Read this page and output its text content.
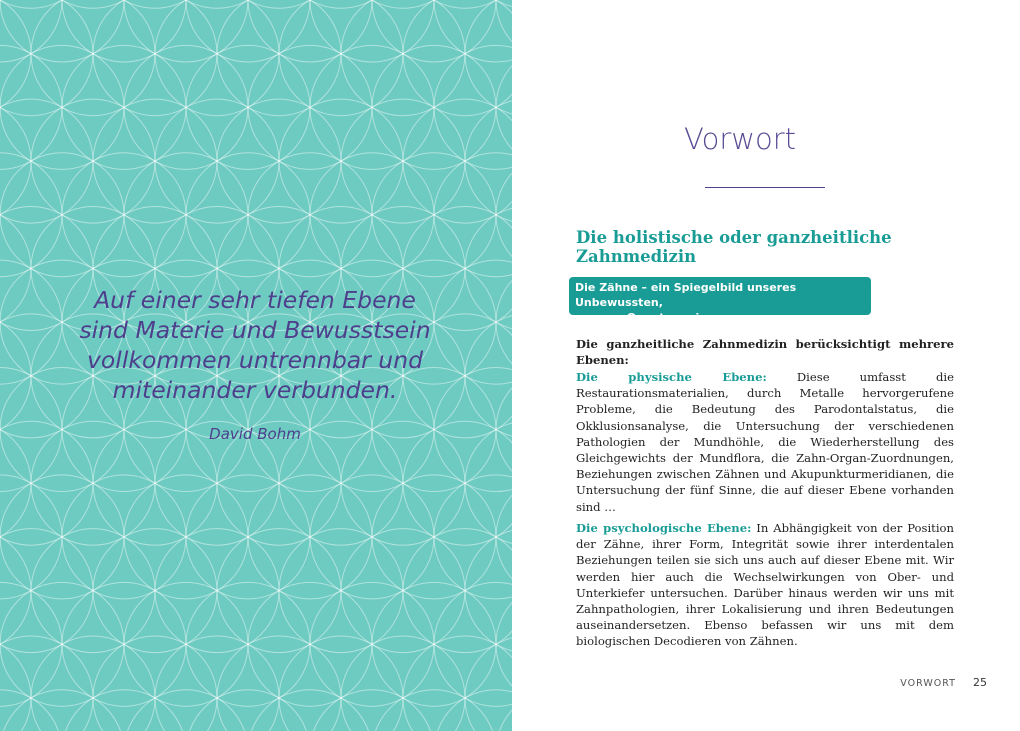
Auf einer sehr tiefen Ebene
sind Materie und Bewusstsein
vollkommen untrennbar und
miteinander verbunden.
David Bohm
Vorwort
Die holistische oder ganzheitliche Zahnmedizin
Die Zähne – ein Spiegelbild unseres Unbewussten,
unserer Quantenuniversen.
Die ganzheitliche Zahnmedizin berücksichtigt mehrere Ebenen:
Die physische Ebene: Diese umfasst die Restaurationsmaterialien, durch Metalle hervorgerufene Probleme, die Bedeutung des Parodontalstatus, die Okklusionsanalyse, die Untersuchung der verschiedenen Pathologien der Mundhöhle, die Wiederherstellung des Gleichgewichts der Mundflora, die Zahn-Organ-Zuordnungen, Beziehungen zwischen Zähnen und Akupunkturmeridianen, die Untersuchung der fünf Sinne, die auf dieser Ebene vorhanden sind …
Die psychologische Ebene: In Abhängigkeit von der Position der Zähne, ihrer Form, Integrität sowie ihrer interdentalen Beziehungen teilen sie sich uns auch auf dieser Ebene mit. Wir werden hier auch die Wechselwirkungen von Ober- und Unterkiefer untersuchen. Darüber hinaus werden wir uns mit Zahnpathologien, ihrer Lokalisierung und ihren Bedeutungen auseinandersetzen. Ebenso befassen wir uns mit dem biologischen Decodieren von Zähnen.
VORWORT 25
